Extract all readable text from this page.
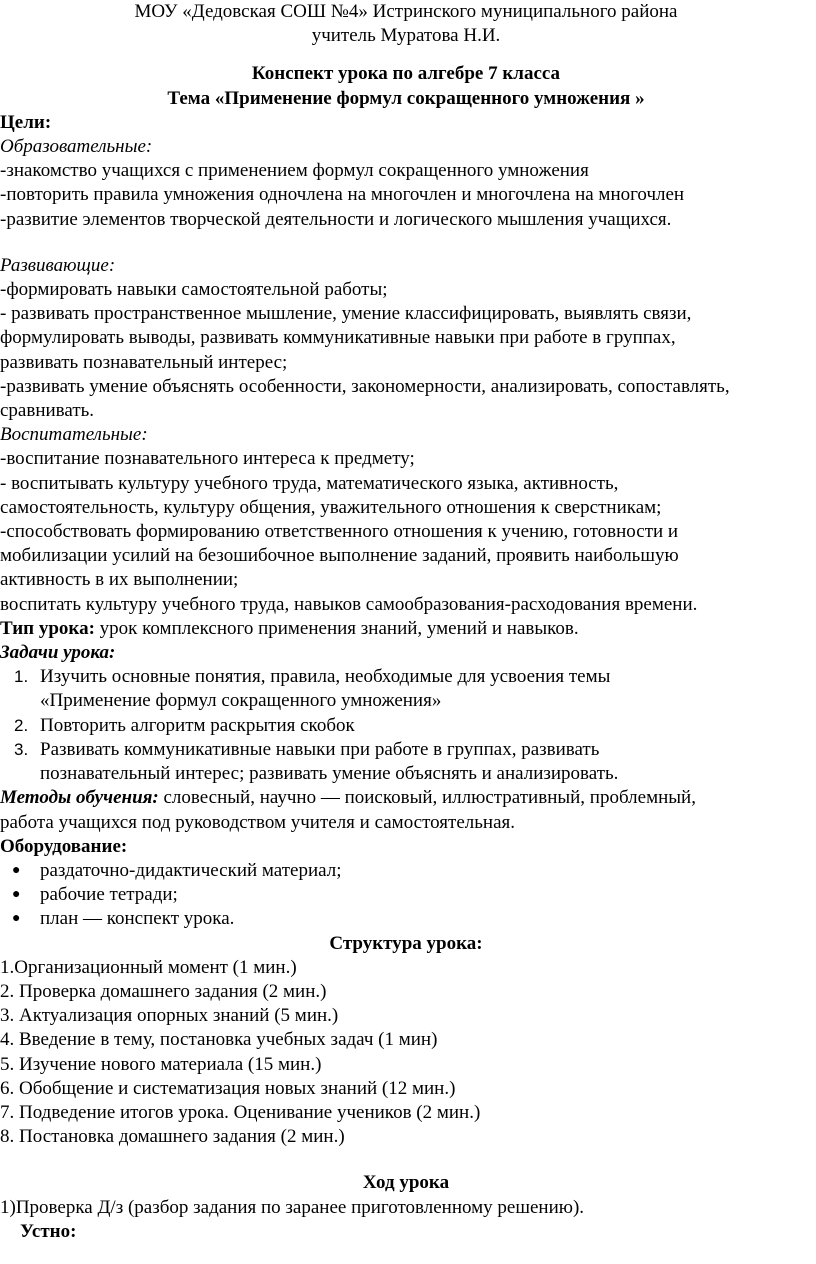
МОУ «Дедовская СОШ №4» Истринского муниципального района
учитель Муратова Н.И.
Конспект урока по алгебре 7 класса
Тема «Применение формул сокращенного умножения »
Цели:
Образовательные:
-знакомство учащихся с применением формул сокращенного умножения
-повторить правила умножения одночлена на многочлен и многочлена на многочлен
-развитие элементов творческой деятельности и логического мышления учащихся.
Развивающие:
-формировать навыки самостоятельной работы;
- развивать пространственное мышление, умение классифицировать, выявлять связи,
формулировать выводы, развивать коммуникативные навыки при работе в группах,
развивать познавательный интерес;
-развивать умение объяснять особенности, закономерности, анализировать, сопоставлять,
сравнивать.
Воспитательные:
-воспитание познавательного интереса к предмету;
- воспитывать культуру учебного труда, математического языка, активность,
самостоятельность, культуру общения, уважительного отношения к сверстникам;
-способствовать формированию ответственного отношения к учению, готовности и
мобилизации усилий на безошибочное выполнение заданий, проявить наибольшую
активность в их выполнении;
воспитать культуру учебного труда, навыков самообразования-расходования времени.
Тип урока: урок комплексного применения знаний, умений и навыков.
Задачи урока:
1. Изучить основные понятия, правила, необходимые для усвоения темы
«Применение формул сокращенного умножения»
2. Повторить алгоритм раскрытия скобок
3. Развивать коммуникативные навыки при работе в группах, развивать
познавательный интерес; развивать умение объяснять и анализировать.
Методы обучения: словесный, научно — поисковый, иллюстративный, проблемный,
работа учащихся под руководством учителя и самостоятельная.
Оборудование:
● раздаточно-дидактический материал;
● рабочие тетради;
● план — конспект урока.
Структура урока:
1.Организационный момент (1 мин.)
2. Проверка домашнего задания (2 мин.)
3. Актуализация опорных знаний (5 мин.)
4. Введение в тему, постановка учебных задач (1 мин)
5. Изучение нового материала (15 мин.)
6. Обобщение и систематизация новых знаний (12 мин.)
7. Подведение итогов урока. Оценивание учеников (2 мин.)
8. Постановка домашнего задания (2 мин.)
Ход урока
1)Проверка Д/з (разбор задания по заранее приготовленному решению).
Устно:
